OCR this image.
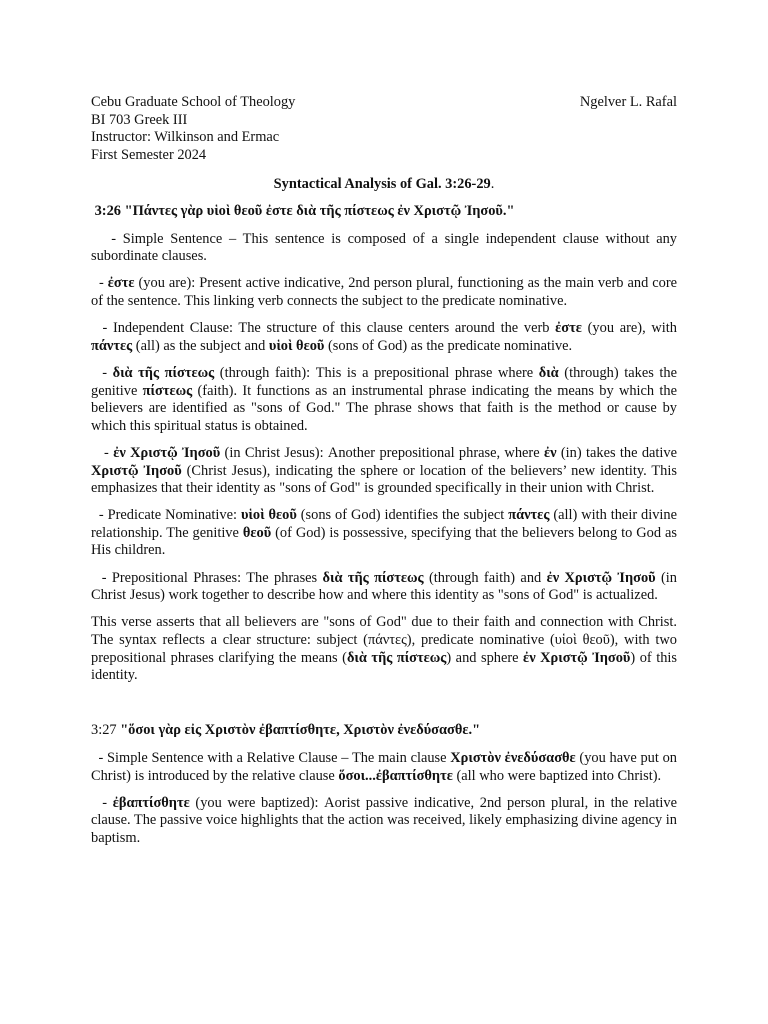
Cebu Graduate School of Theology	Ngelver L. Rafal
BI 703 Greek III
Instructor: Wilkinson and Ermac
First Semester 2024
Syntactical Analysis of Gal. 3:26-29.

3:26 "Πάντες γὰρ υἱοὶ θεοῦ ἐστε διὰ τῆς πίστεως ἐν Χριστῷ Ἰησοῦ."

- Simple Sentence – This sentence is composed of a single independent clause without any subordinate clauses.

- ἐστε (you are): Present active indicative, 2nd person plural, functioning as the main verb and core of the sentence. This linking verb connects the subject to the predicate nominative.

- Independent Clause: The structure of this clause centers around the verb ἐστε (you are), with πάντες (all) as the subject and υἱοὶ θεοῦ (sons of God) as the predicate nominative.

- διὰ τῆς πίστεως (through faith): This is a prepositional phrase where διὰ (through) takes the genitive πίστεως (faith). It functions as an instrumental phrase indicating the means by which the believers are identified as "sons of God." The phrase shows that faith is the method or cause by which this spiritual status is obtained.

- ἐν Χριστῷ Ἰησοῦ (in Christ Jesus): Another prepositional phrase, where ἐν (in) takes the dative Χριστῷ Ἰησοῦ (Christ Jesus), indicating the sphere or location of the believers’ new identity. This emphasizes that their identity as "sons of God" is grounded specifically in their union with Christ.

- Predicate Nominative: υἱοὶ θεοῦ (sons of God) identifies the subject πάντες (all) with their divine relationship. The genitive θεοῦ (of God) is possessive, specifying that the believers belong to God as His children.

- Prepositional Phrases: The phrases διὰ τῆς πίστεως (through faith) and ἐν Χριστῷ Ἰησοῦ (in Christ Jesus) work together to describe how and where this identity as "sons of God" is actualized.

This verse asserts that all believers are "sons of God" due to their faith and connection with Christ. The syntax reflects a clear structure: subject (πάντες), predicate nominative (υἱοὶ θεοῦ), with two prepositional phrases clarifying the means (διὰ τῆς πίστεως) and sphere ἐν Χριστῷ Ἰησοῦ) of this identity.

3:27 "ὅσοι γὰρ εἰς Χριστὸν ἐβαπτίσθητε, Χριστὸν ἐνεδύσασθε."

- Simple Sentence with a Relative Clause – The main clause Χριστὸν ἐνεδύσασθε (you have put on Christ) is introduced by the relative clause ὅσοι...ἐβαπτίσθητε (all who were baptized into Christ).

- ἐβαπτίσθητε (you were baptized): Aorist passive indicative, 2nd person plural, in the relative clause. The passive voice highlights that the action was received, likely emphasizing divine agency in baptism.
